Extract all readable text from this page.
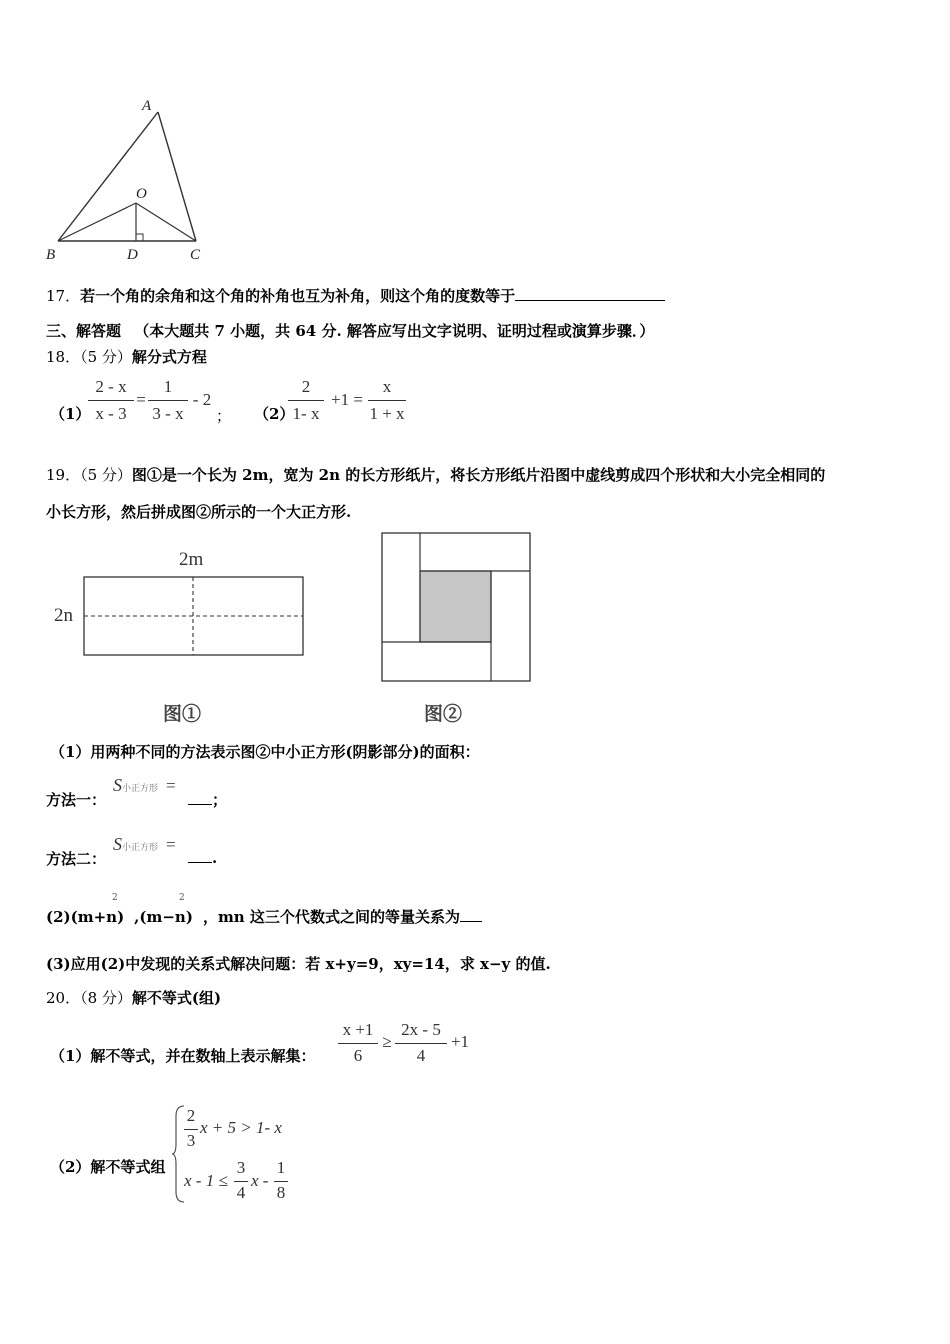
A
O
B	D	C
17．若一个角的余角和这个角的补角也互为补角，则这个角的度数等于
三、解答题 （本大题共 7 小题，共 64 分. 解答应写出文字说明、证明过程或演算步骤．）
18．（5 分）解分式方程
（1）
2 - x
x - 3
=
1
3 - x
- 2
； （2）
2
1- x
+1 =
x
1 + x
19．（5 分）图①是一个长为 2m，宽为 2n 的长方形纸片，将长方形纸片沿图中虚线剪成四个形状和大小完全相同的
小长方形，然后拼成图②所示的一个大正方形.
2m
2n
图①	图②
（1）用两种不同的方法表示图②中小正方形(阴影部分)的面积：
方法一：
S小正方形 =
；
方法二：
S小正方形 =
.
(2)(m+n) ,(m−n) ，mn 这三个代数式之间的等量关系为
2	2
(3)应用(2)中发现的关系式解决问题：若 x+y=9，xy=14，求 x−y 的值.
20．（8 分）解不等式(组)
（1）解不等式，并在数轴上表示解集：
x +1
6
≥
2x - 5
4
+1
（2）解不等式组
2
3
x + 5 > 1- x
x - 1 ≤
3
4
x -
1
8
